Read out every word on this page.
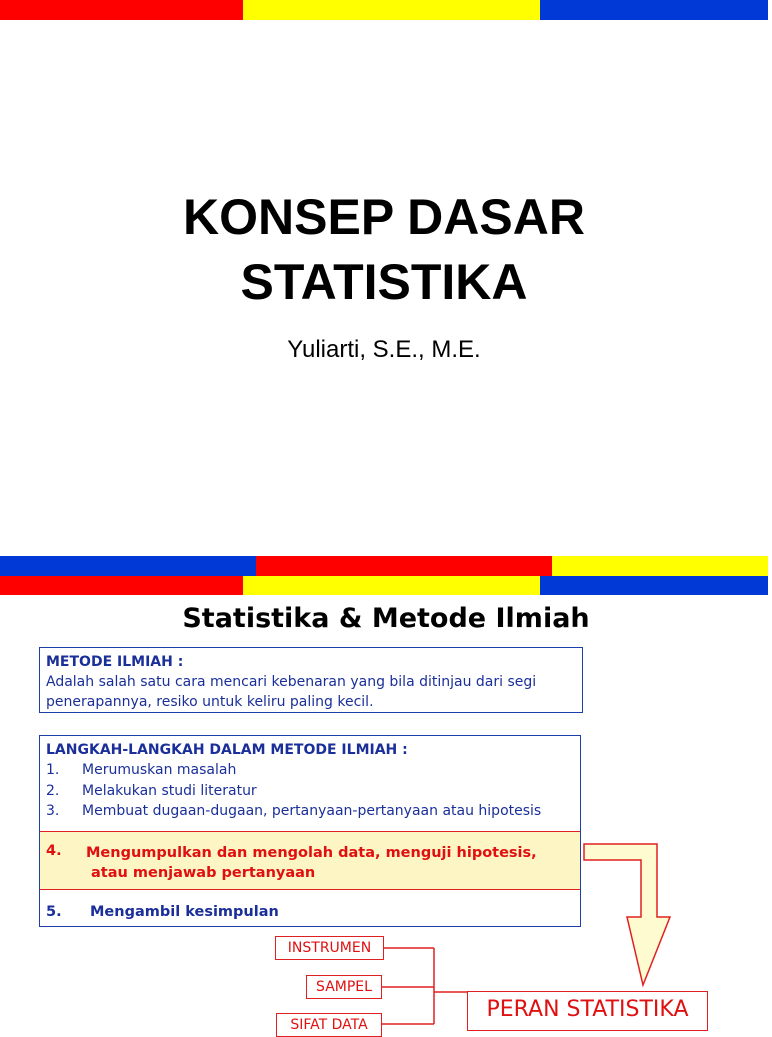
KONSEP DASAR
STATISTIKA
Yuliarti, S.E., M.E.
Statistika & Metode Ilmiah
METODE ILMIAH :
Adalah salah satu cara mencari kebenaran yang bila ditinjau dari segi
penerapannya, resiko untuk keliru paling kecil.
LANGKAH-LANGKAH DALAM METODE ILMIAH :
1. Merumuskan masalah
2. Melakukan studi literatur
3. Membuat dugaan-dugaan, pertanyaan-pertanyaan atau hipotesis
4. Mengumpulkan dan mengolah data, menguji hipotesis,
atau menjawab pertanyaan
5. Mengambil kesimpulan
INSTRUMEN
SAMPEL
SIFAT DATA
PERAN STATISTIKA
